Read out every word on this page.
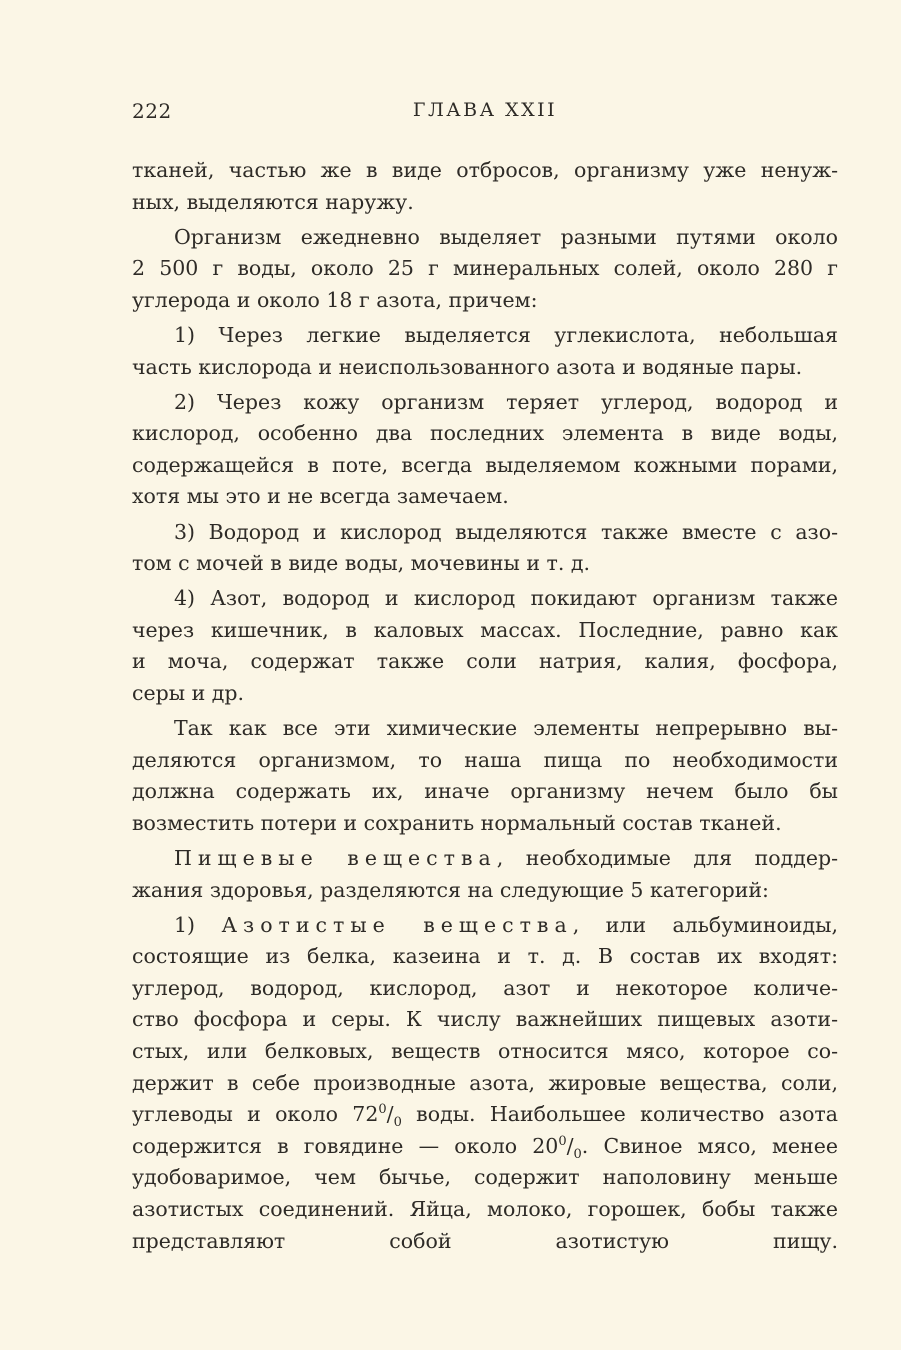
222	ГЛАВА XXII
тканей, частью же в виде отбросов, организму уже ненуж-
ных, выделяются наружу.
Организм ежедневно выделяет разными путями около
2 500 г воды, около 25 г минеральных солей, около 280 г
углерода и около 18 г азота, причем:
1) Через легкие выделяется углекислота, небольшая
часть кислорода и неиспользованного азота и водяные пары.
2) Через кожу организм теряет углерод, водород и
кислород, особенно два последних элемента в виде воды,
содержащейся в поте, всегда выделяемом кожными порами,
хотя мы это и не всегда замечаем.
3) Водород и кислород выделяются также вместе с азо-
том с мочей в виде воды, мочевины и т. д.
4) Азот, водород и кислород покидают организм также
через кишечник, в каловых массах. Последние, равно как
и моча, содержат также соли натрия, калия, фосфора,
серы и др.
Так как все эти химические элементы непрерывно вы-
деляются организмом, то наша пища по необходимости
должна содержать их, иначе организму нечем было бы
возместить потери и сохранить нормальный состав тканей.
Пищевые вещества, необходимые для поддер-
жания здоровья, разделяются на следующие 5 категорий:
1) Азотистые вещества, или альбуминоиды,
состоящие из белка, казеина и т. д. В состав их входят:
углерод, водород, кислород, азот и некоторое количе-
ство фосфора и серы. К числу важнейших пищевых азоти-
стых, или белковых, веществ относится мясо, которое со-
держит в себе производные азота, жировые вещества, соли,
углеводы и около $72^0/_0$ воды. Наибольшее количество азота
содержится в говядине — около $20^0/_0$. Свиное мясо, менее
удобоваримое, чем бычье, содержит наполовину меньше
азотистых соединений. Яйца, молоко, горошек, бобы также
представляют собой азотистую пищу.
